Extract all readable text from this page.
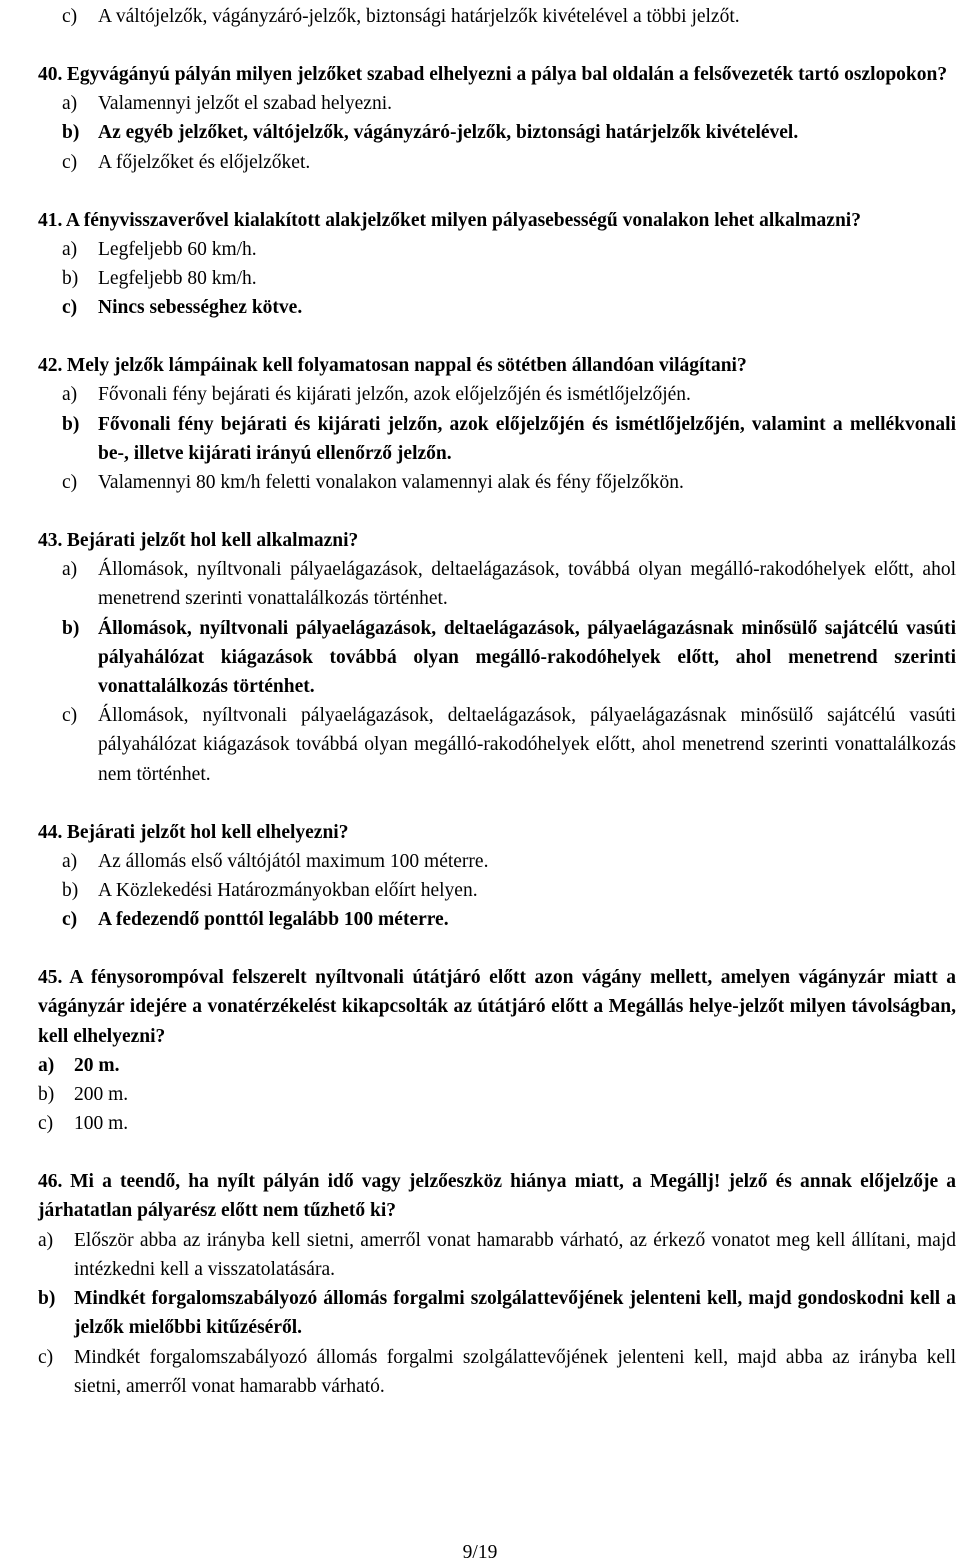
c)	A váltójelzők, vágányzáró-jelzők, biztonsági határjelzők kivételével a többi jelzőt.
40. Egyvágányú pályán milyen jelzőket szabad elhelyezni a pálya bal oldalán a felsővezeték tartó oszlopokon?
a)	Valamennyi jelzőt el szabad helyezni.
b) Az egyéb jelzőket, váltójelzők, vágányzáró-jelzők, biztonsági határjelzők kivételével.
c)	A főjelzőket és előjelzőket.
41. A fényvisszaverővel kialakított alakjelzőket milyen pályasebességű vonalakon lehet alkalmazni?
a)	Legfeljebb 60 km/h.
b)	Legfeljebb 80 km/h.
c)	Nincs sebességhez kötve.
42. Mely jelzők lámpáinak kell folyamatosan nappal és sötétben állandóan világítani?
a)	Fővonali fény bejárati és kijárati jelzőn, azok előjelzőjén és ismétlőjelzőjén.
b) Fővonali fény bejárati és kijárati jelzőn, azok előjelzőjén és ismétlőjelzőjén, valamint a mellékvonali be-, illetve kijárati irányú ellenőrző jelzőn.
c)	Valamennyi 80 km/h feletti vonalakon valamennyi alak és fény főjelzőkön.
43. Bejárati jelzőt hol kell alkalmazni?
a)	Állomások, nyíltvonali pályaelágazások, deltaelágazások, továbbá olyan megálló-rakodóhelyek előtt, ahol menetrend szerinti vonattalálkozás történhet.
b) Állomások, nyíltvonali pályaelágazások, deltaelágazások, pályaelágazásnak minősülő sajátcélú vasúti pályahálózat kiágazások továbbá olyan megálló-rakodóhelyek előtt, ahol menetrend szerinti vonattalálkozás történhet.
c)	Állomások, nyíltvonali pályaelágazások, deltaelágazások, pályaelágazásnak minősülő sajátcélú vasúti pályahálózat kiágazások továbbá olyan megálló-rakodóhelyek előtt, ahol menetrend szerinti vonattalálkozás nem történhet.
44. Bejárati jelzőt hol kell elhelyezni?
a)	Az állomás első váltójától maximum 100 méterre.
b)	A Közlekedési Határozmányokban előírt helyen.
c)	A fedezendő ponttól legalább 100 méterre.
45. A fénysorompóval felszerelt nyíltvonali útátjáró előtt azon vágány mellett, amelyen vágányzár miatt a vágányzár idejére a vonatérzékelést kikapcsolták az útátjáró előtt a Megállás helye-jelzőt milyen távolságban, kell elhelyezni?
a)	20 m.
b)	200 m.
c)	100 m.
46. Mi a teendő, ha nyílt pályán idő vagy jelzőeszköz hiánya miatt, a Megállj! jelző és annak előjelzője a járhatatlan pályarész előtt nem tűzhető ki?
a)	Először abba az irányba kell sietni, amerről vonat hamarabb várható, az érkező vonatot meg kell állítani, majd intézkedni kell a visszatolatására.
b) Mindkét forgalomszabályozó állomás forgalmi szolgálattevőjének jelenteni kell, majd gondoskodni kell a jelzők mielőbbi kitűzéséről.
c)	Mindkét forgalomszabályozó állomás forgalmi szolgálattevőjének jelenteni kell, majd abba az irányba kell sietni, amerről vonat hamarabb várható.
9/19
